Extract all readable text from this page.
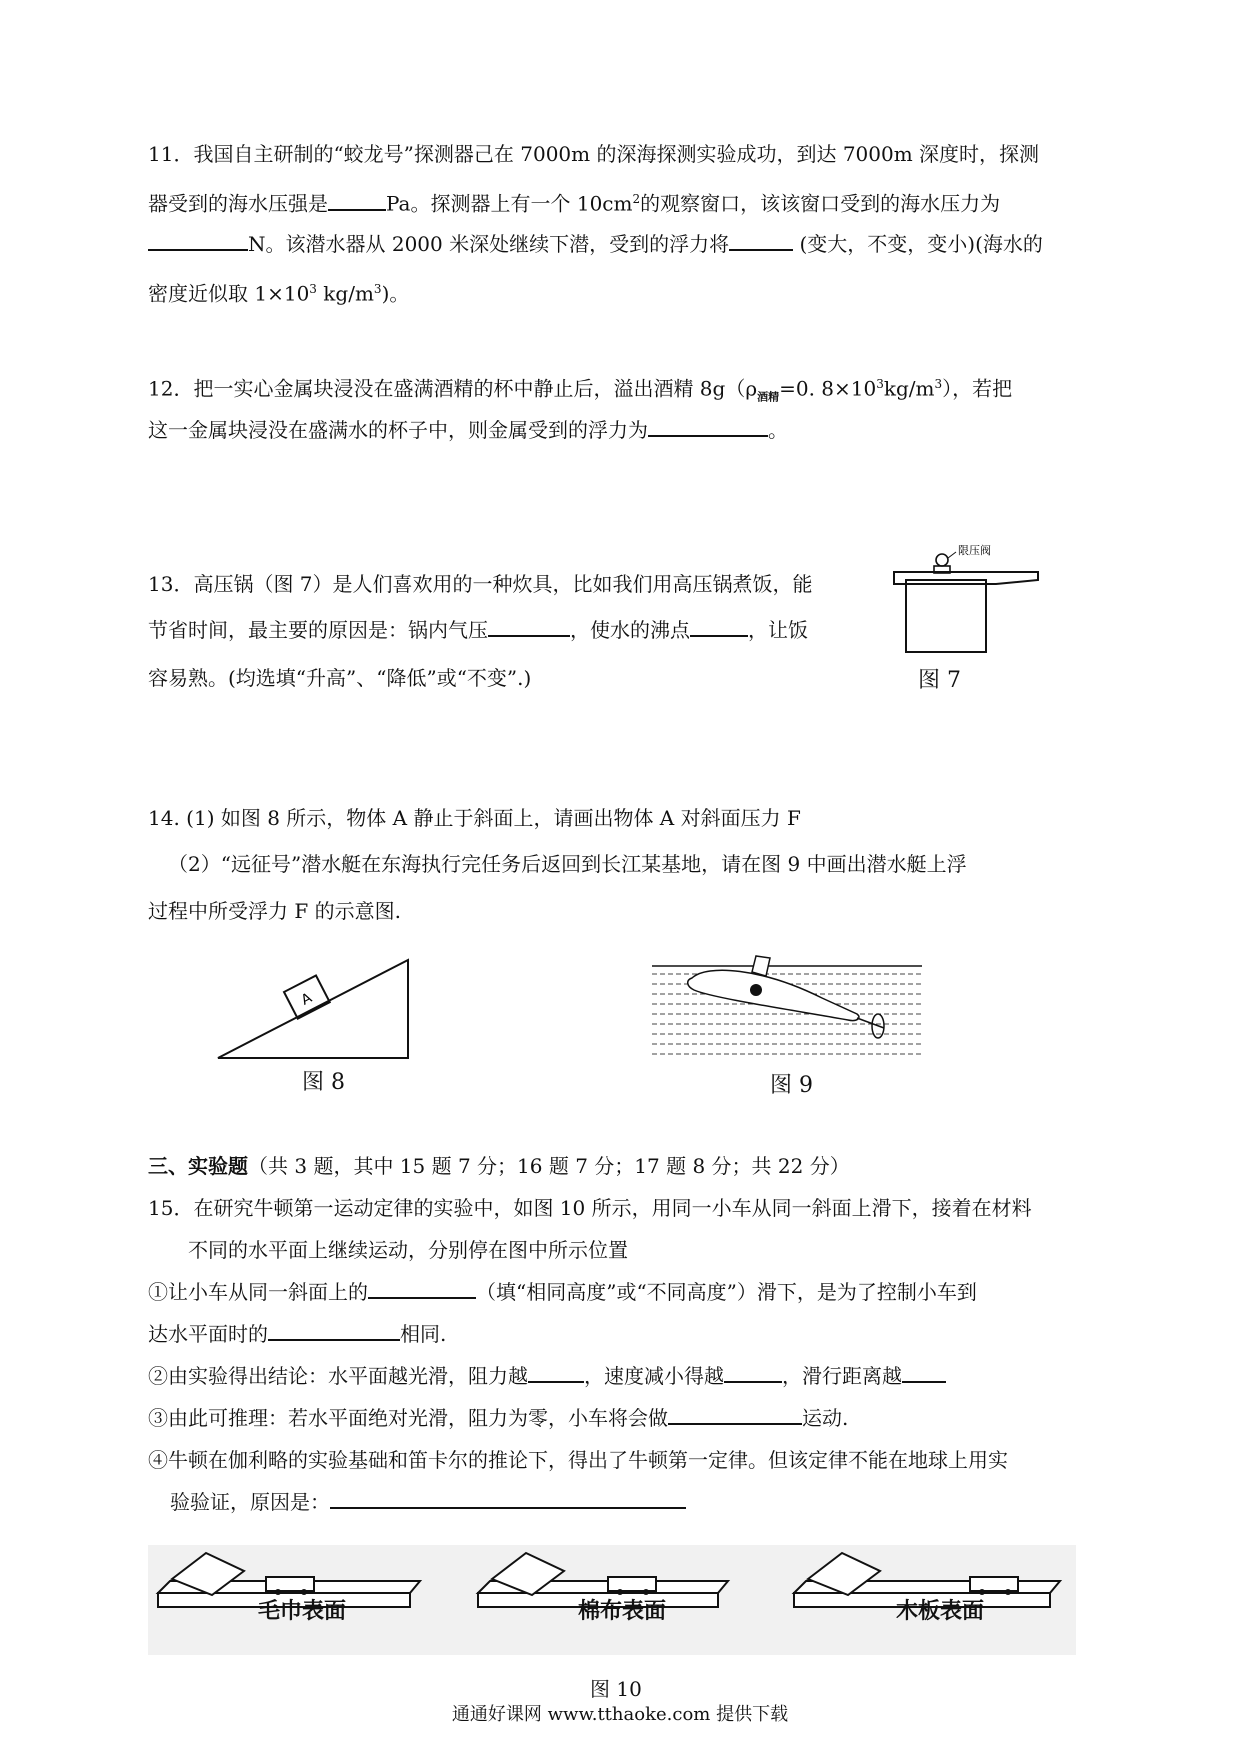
11．我国自主研制的“蛟龙号”探测器己在 7000m 的深海探测实验成功，到达 7000m 深度时，探测
器受到的海水压强是	Pa。探测器上有一个 $10cm^2$的观察窗口，该该窗口受到的海水压力为
N。该潜水器从 2000 米深处继续下潜，受到的浮力将	(变大，不变，变小)(海水的
密度近似取 $1\times 10^3$ $kg/m^3$)。
12．把一实心金属块浸没在盛满酒精的杯中静止后，溢出酒精 $8g(\rho_{酒精}=0$. $8\times 10^3kg/m^3$），若把
这一金属块浸没在盛满水的杯子中，则金属受到的浮力为	。
13．高压锅（图 7）是人们喜欢用的一种炊具，比如我们用高压锅煮饭，能
节省时间，最主要的原因是：锅内气压	，使水的沸点	，让饭
容易熟。(均选填“升高”、“降低”或“不变”.)
限压阀
图 7
14. (1) 如图 8 所示，物体 A 静止于斜面上，请画出物体 A 对斜面压力 F
（2）“远征号”潜水艇在东海执行完任务后返回到长江某基地，请在图 9 中画出潜水艇上浮
过程中所受浮力 F 的示意图.
A
图 8	图 9
三、实验题（共 3 题，其中 15 题 7 分；16 题 7 分；17 题 8 分；共 22 分）
15．在研究牛顿第一运动定律的实验中，如图 10 所示，用同一小车从同一斜面上滑下，接着在材料
不同的水平面上继续运动，分别停在图中所示位置
①让小车从同一斜面上的	（填“相同高度”或“不同高度”）滑下，是为了控制小车到
达水平面时的	相同.
②由实验得出结论：水平面越光滑，阻力越	，速度减小得越	，滑行距离越
③由此可推理：若水平面绝对光滑，阻力为零，小车将会做	运动.
④牛顿在伽利略的实验基础和笛卡尔的推论下，得出了牛顿第一定律。但该定律不能在地球上用实
验验证，原因是：
毛巾表面	棉布表面	木板表面
图 10
通通好课网 www.tthaoke.com 提供下载
